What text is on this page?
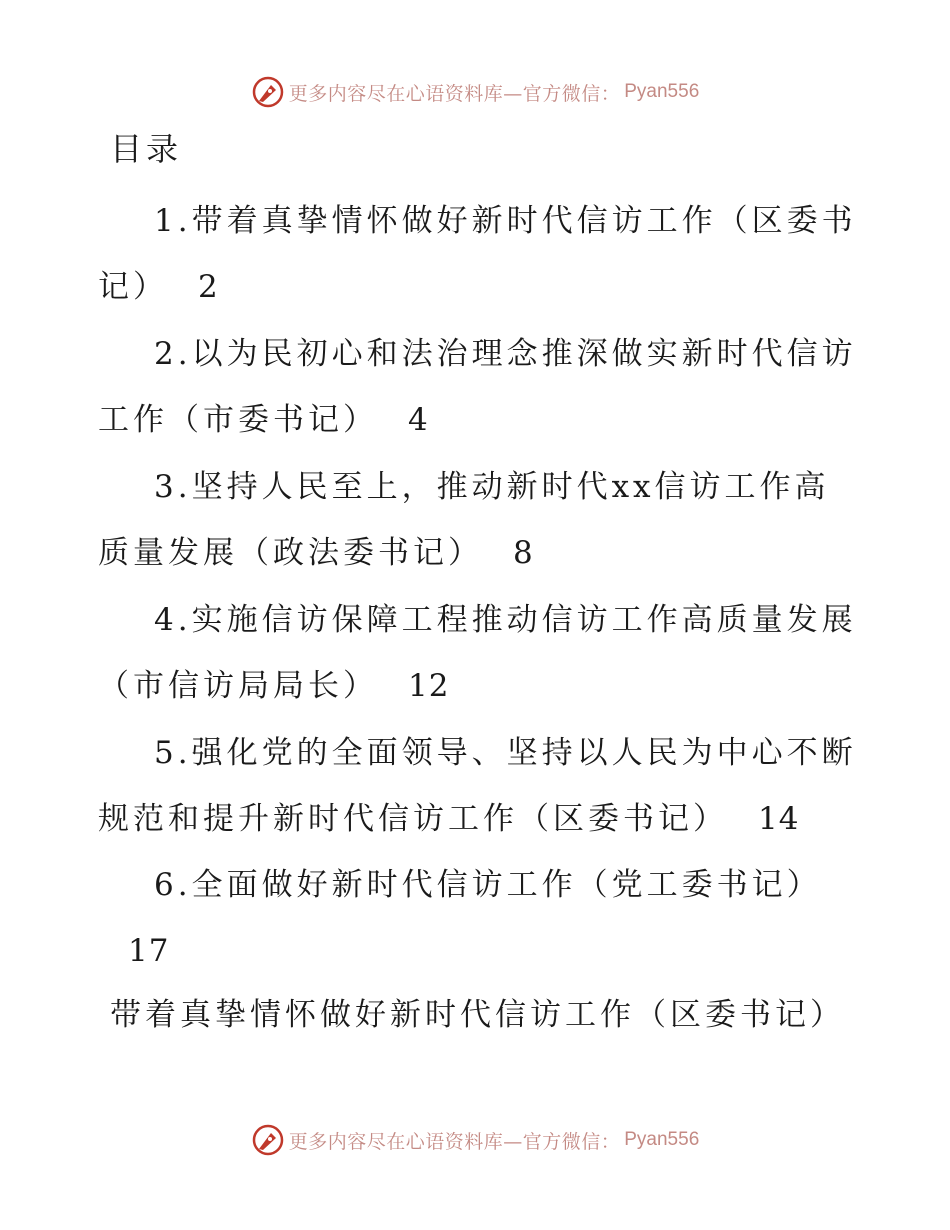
更多内容尽在心语资料库—官方微信： Pyan556
目录
1.带着真挚情怀做好新时代信访工作（区委书记） 2
2.以为民初心和法治理念推深做实新时代信访工作（市委书记） 4
3.坚持人民至上，推动新时代xx信访工作高质量发展（政法委书记） 8
4.实施信访保障工程推动信访工作高质量发展（市信访局局长） 12
5.强化党的全面领导、坚持以人民为中心不断规范和提升新时代信访工作（区委书记） 14
6.全面做好新时代信访工作（党工委书记）17
带着真挚情怀做好新时代信访工作（区委书记）
更多内容尽在心语资料库—官方微信： Pyan556
